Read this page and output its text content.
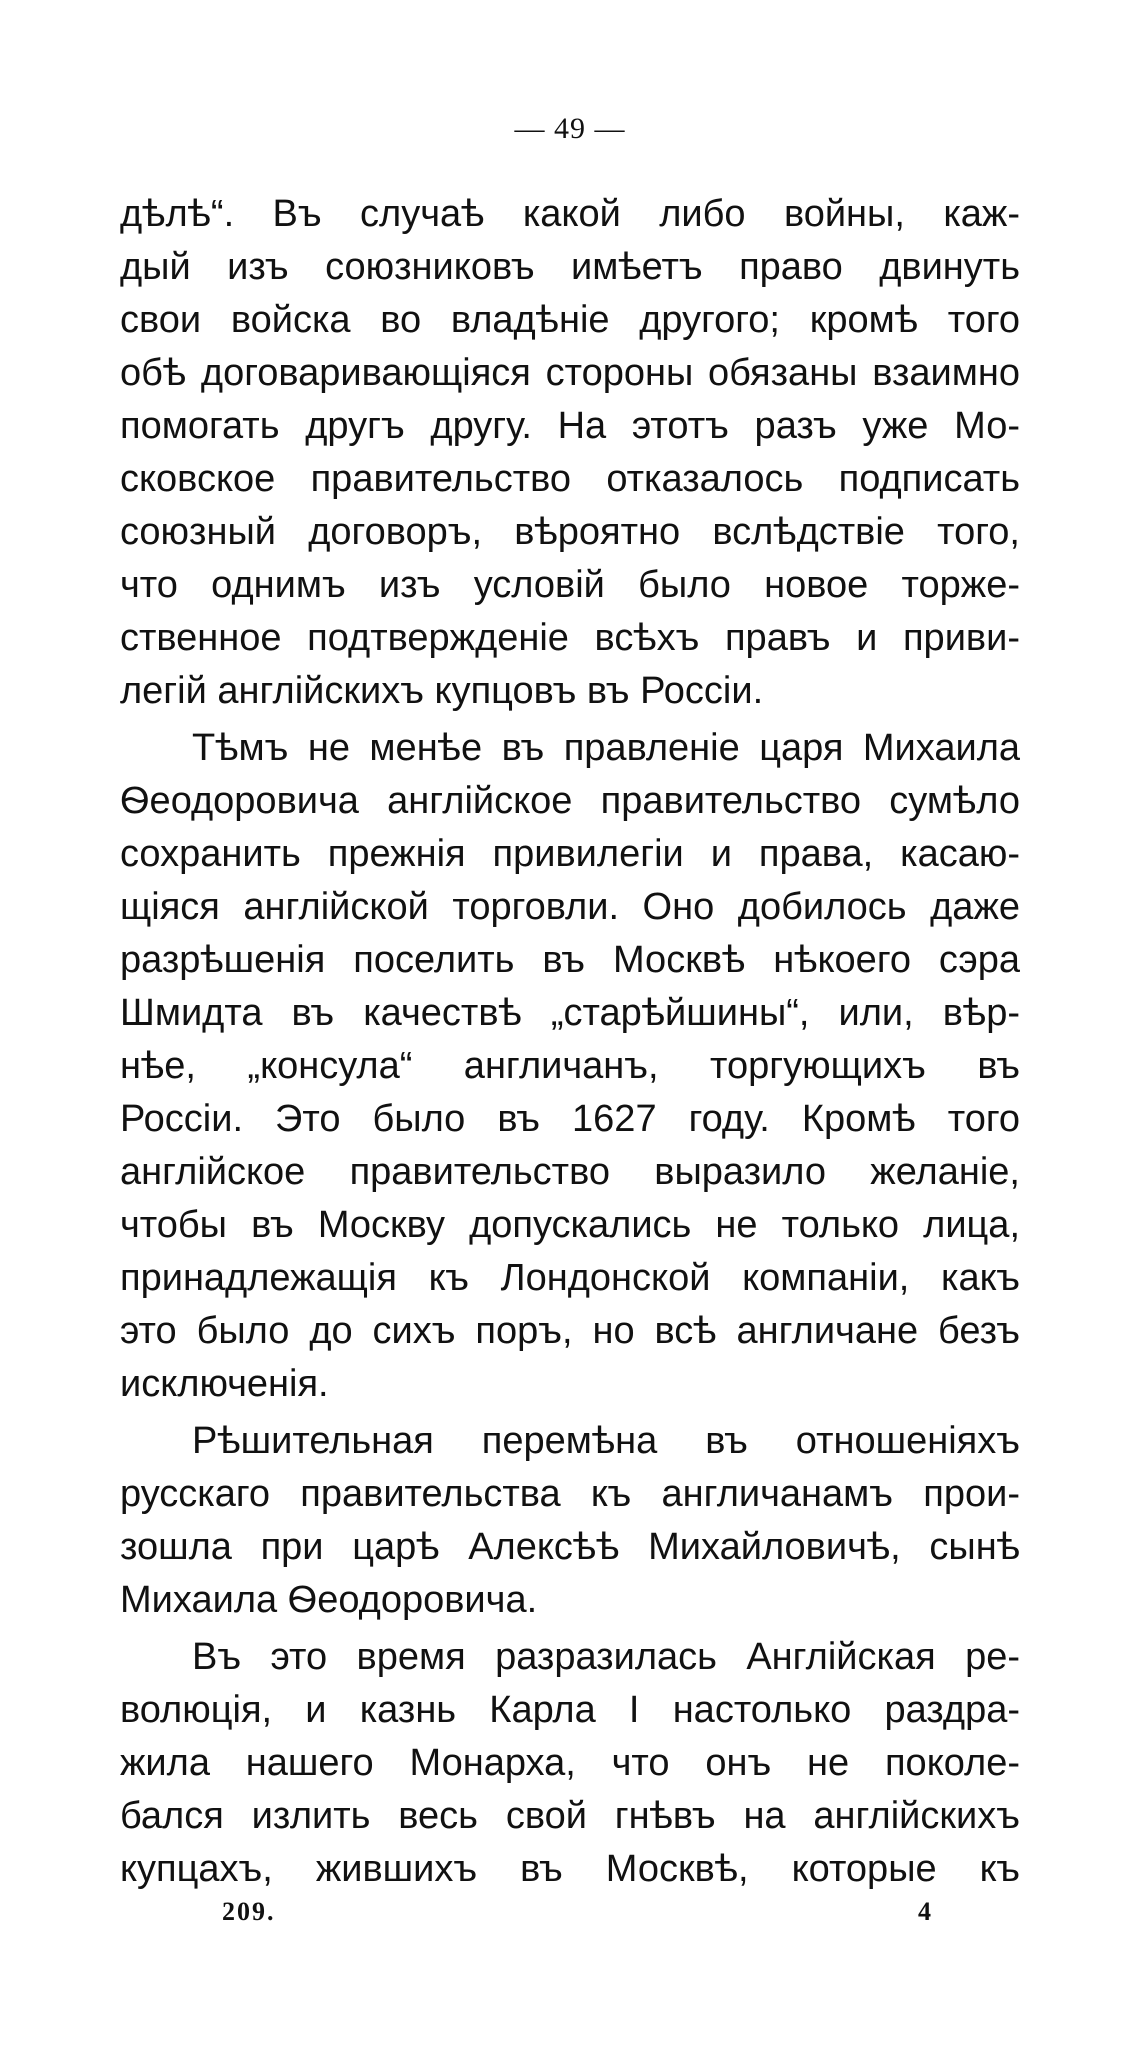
— 49 —
дѣлѣ“. Въ случаѣ какой либо войны, каж-
дый изъ союзниковъ имѣетъ право двинуть
свои войска во владѣніе другого; кромѣ того
обѣ договаривающіяся стороны обязаны взаимно
помогать другъ другу. На этотъ разъ уже Мо-
сковское правительство отказалось подписать
союзный договоръ, вѣроятно вслѣдствіе того,
что однимъ изъ условій было новое торже-
ственное подтвержденіе всѣхъ правъ и приви-
легій англійскихъ купцовъ въ Россіи.
Тѣмъ не менѣе въ правленіе царя Михаила
Ѳеодоровича англійское правительство сумѣло
сохранить прежнія привилегіи и права, касаю-
щіяся англійской торговли. Оно добилось даже
разрѣшенія поселить въ Москвѣ нѣкоего сэра
Шмидта въ качествѣ „старѣйшины“, или, вѣр-
нѣе, „консула“ англичанъ, торгующихъ въ
Россіи. Это было въ 1627 году. Кромѣ того
англійское правительство выразило желаніе,
чтобы въ Москву допускались не только лица,
принадлежащія къ Лондонской компаніи, какъ
это было до сихъ поръ, но всѣ англичане безъ
исключенія.
Рѣшительная перемѣна въ отношеніяхъ
русскаго правительства къ англичанамъ прои-
зошла при царѣ Алексѣѣ Михайловичѣ, сынѣ
Михаила Ѳеодоровича.
Въ это время разразилась Англійская ре-
волюція, и казнь Карла I настолько раздра-
жила нашего Монарха, что онъ не поколе-
бался излить весь свой гнѣвъ на англійскихъ
купцахъ, жившихъ въ Москвѣ, которые къ
209.	4
